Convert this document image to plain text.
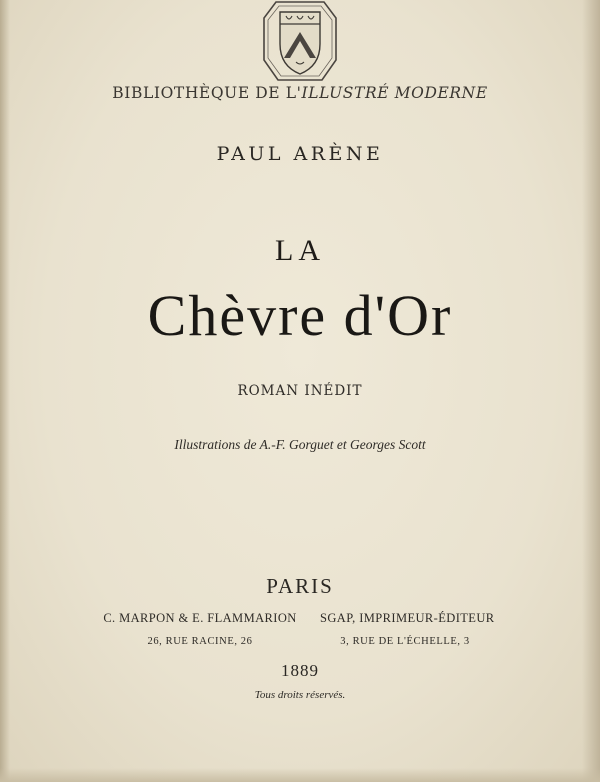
BIBLIOTHÈQUE DE L'ILLUSTRÉ MODERNE
PAUL ARÈNE
LA
Chèvre d'Or
ROMAN INÉDIT
Illustrations de A.-F. Gorguet et Georges Scott
PARIS
C. MARPON & E. FLAMMARION SGAP, IMPRIMEUR-ÉDITEUR
26, RUE RACINE, 26	3, RUE DE L'ÉCHELLE, 3
1889
Tous droits réservés.
